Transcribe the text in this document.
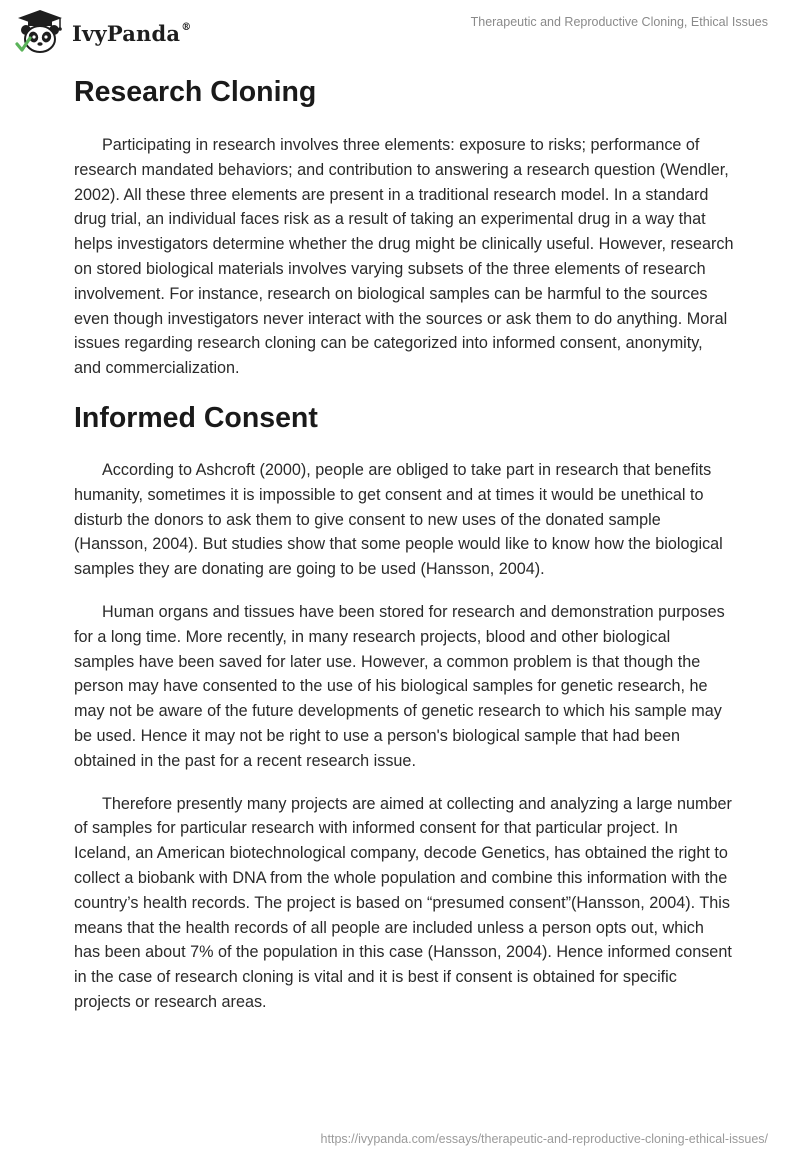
IvyPanda®	Therapeutic and Reproductive Cloning, Ethical Issues
Research Cloning

Participating in research involves three elements: exposure to risks; performance of research mandated behaviors; and contribution to answering a research question (Wendler, 2002). All these three elements are present in a traditional research model. In a standard drug trial, an individual faces risk as a result of taking an experimental drug in a way that helps investigators determine whether the drug might be clinically useful. However, research on stored biological materials involves varying subsets of the three elements of research involvement. For instance, research on biological samples can be harmful to the sources even though investigators never interact with the sources or ask them to do anything. Moral issues regarding research cloning can be categorized into informed consent, anonymity, and commercialization.

Informed Consent

According to Ashcroft (2000), people are obliged to take part in research that benefits humanity, sometimes it is impossible to get consent and at times it would be unethical to disturb the donors to ask them to give consent to new uses of the donated sample (Hansson, 2004). But studies show that some people would like to know how the biological samples they are donating are going to be used (Hansson, 2004).

Human organs and tissues have been stored for research and demonstration purposes for a long time. More recently, in many research projects, blood and other biological samples have been saved for later use. However, a common problem is that though the person may have consented to the use of his biological samples for genetic research, he may not be aware of the future developments of genetic research to which his sample may be used. Hence it may not be right to use a person's biological sample that had been obtained in the past for a recent research issue.

Therefore presently many projects are aimed at collecting and analyzing a large number of samples for particular research with informed consent for that particular project. In Iceland, an American biotechnological company, decode Genetics, has obtained the right to collect a biobank with DNA from the whole population and combine this information with the country’s health records. The project is based on “presumed consent”(Hansson, 2004). This means that the health records of all people are included unless a person opts out, which has been about 7% of the population in this case (Hansson, 2004). Hence informed consent in the case of research cloning is vital and it is best if consent is obtained for specific projects or research areas.

https://ivypanda.com/essays/therapeutic-and-reproductive-cloning-ethical-issues/
